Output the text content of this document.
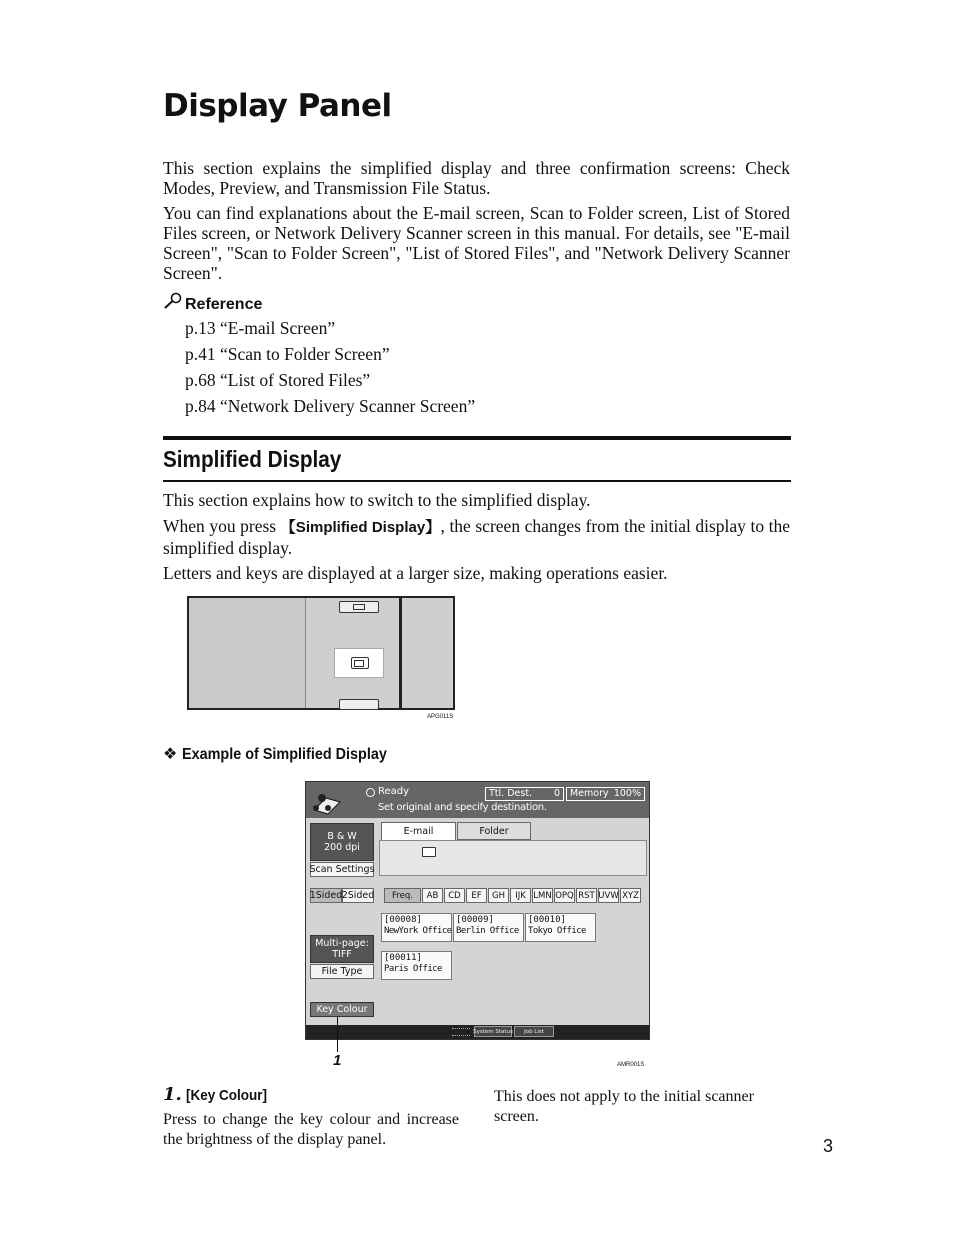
Display Panel

This section explains the simplified display and three confirmation screens: Check Modes, Preview, and Transmission File Status.

You can find explanations about the E-mail screen, Scan to Folder screen, List of Stored Files screen, or Network Delivery Scanner screen in this manual. For details, see "E-mail Screen", "Scan to Folder Screen", "List of Stored Files", and "Network Delivery Scanner Screen".

Reference
p.13 “E-mail Screen”
p.41 “Scan to Folder Screen”
p.68 “List of Stored Files”
p.84 “Network Delivery Scanner Screen”
Simplified Display

This section explains how to switch to the simplified display.

When you press 【Simplified Display】, the screen changes from the initial display to the simplified display.

Letters and keys are displayed at a larger size, making operations easier.

APG011S
❖ Example of Simplified Display
Ready
Set original and specify destination.
Ttl. Dest. 0 Memory 100%
B & W
200 dpi
Scan Settings
1Sided 2Sided
Multi-page:
TIFF
File Type
Key Colour
E-mail	Folder
Freq.	AB	CD	EF	GH	IJK LMN OPQ RST UVW XYZ
[00008]
NewYork Office
[00009]
Berlin Office
[00010]
Tokyo Office
[00011]
Paris Office
System Status	Job List
1	AMR001S
1. [Key Colour]

Press to change the key colour and increase the brightness of the display panel.

This does not apply to the initial scanner screen.

3
